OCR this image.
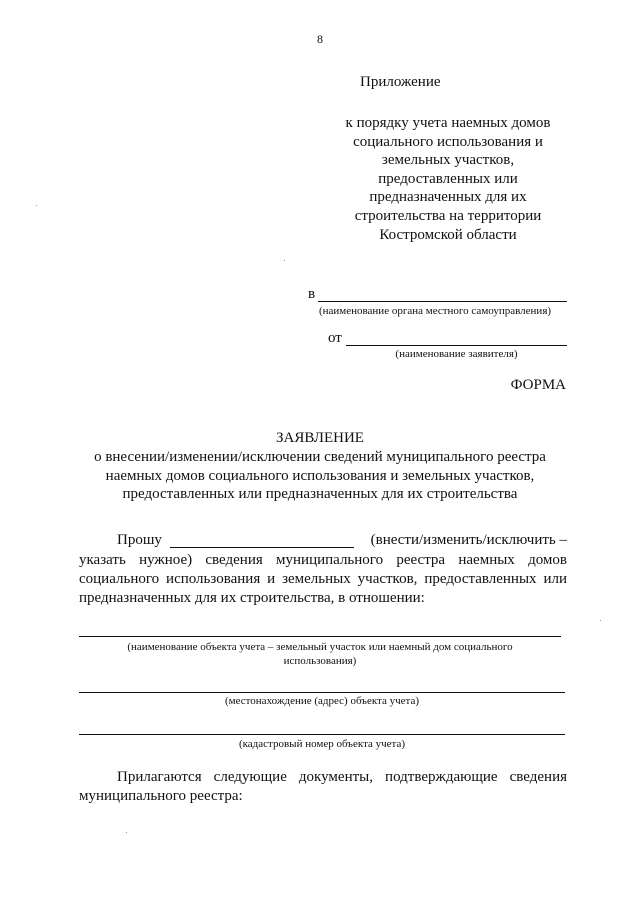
8
Приложение
к порядку учета наемных домов
социального использования и
земельных участков,
предоставленных или
предназначенных для их
строительства на территории
Костромской области
в
(наименование органа местного самоуправления)
от
(наименование заявителя)
ФОРМА
ЗАЯВЛЕНИЕ
о внесении/изменении/исключении сведений муниципального реестра
наемных домов социального использования и земельных участков,
предоставленных или предназначенных для их строительства
Прошу	(внести/изменить/исключить –
указать нужное) сведения муниципального реестра наемных домов
социального использования и земельных участков, предоставленных или
предназначенных для их строительства, в отношении:
(наименование объекта учета – земельный участок или наемный дом социального
использования)
(местонахождение (адрес) объекта учета)
(кадастровый номер объекта учета)
Прилагаются следующие документы, подтверждающие сведения
муниципального реестра:
